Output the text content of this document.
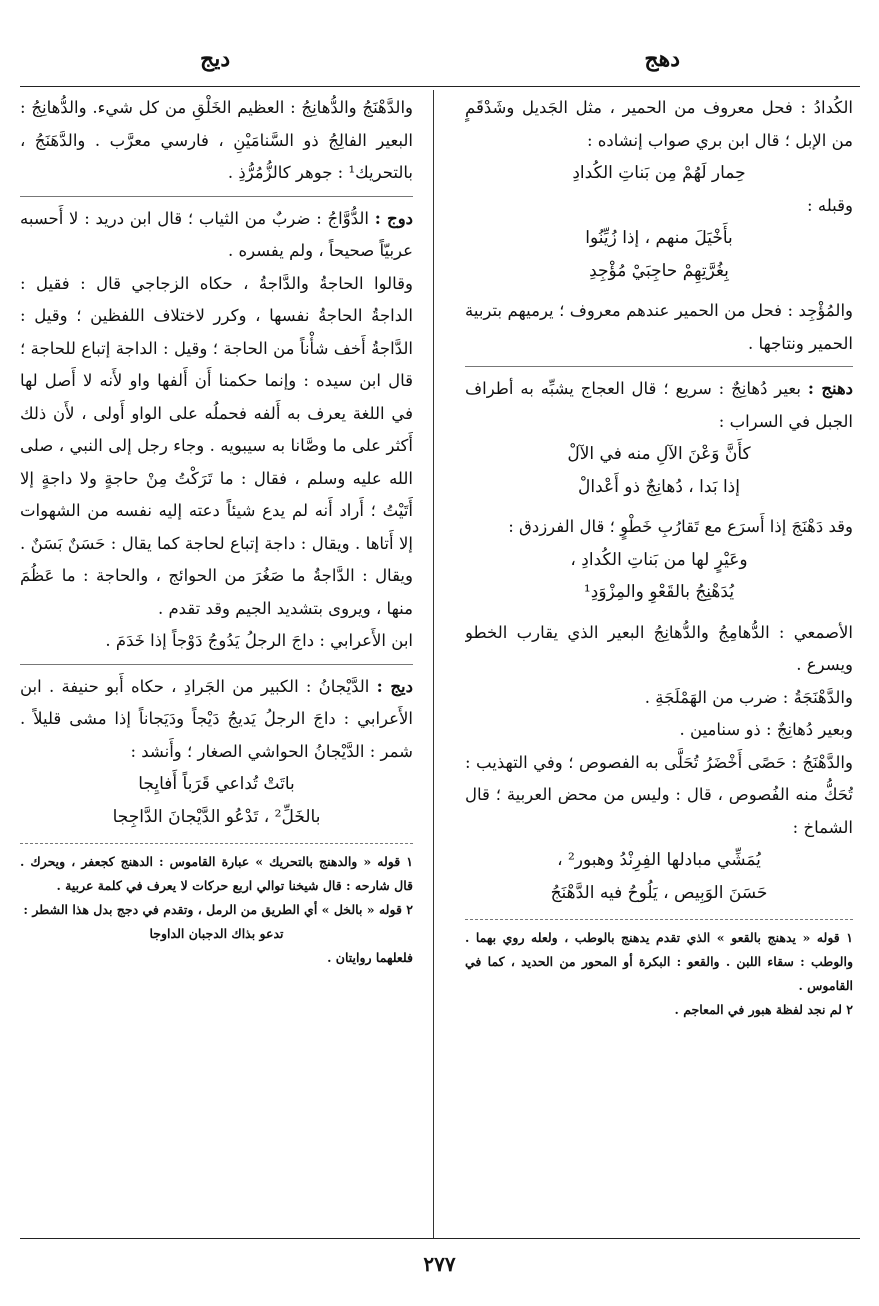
دهج
ديج

الكُدادُ : فحل معروف من الحمير ، مثل الجَديل وشَدْقَمٍ من الإبل ؛ قال ابن بري صواب إنشاده :

حِمار لَهُمْ مِن بَناتِ الكُدادِ

وقبله :

بأَخْيَلَ منهم ، إذا زُيِّنُوا

بِغُرَّتِهِمْ حاجِبَيْ مُؤْجِدِ

والمُؤْجِد : فحل من الحمير عندهم معروف ؛ يرميهم بتربية الحمير ونتاجها .

دهنج : بعير دُهانِجٌ : سريع ؛ قال العجاج يشبِّه به أطراف الجبل في السراب :

كأَنَّ وَعْنَ الآلِ منه في الآلْ

إذا بَدا ، دُهانِجٌ ذو أَعْدالْ

وقد دَهْنَجَ إذا أَسرَع مع تَقارُبِ خَطْوٍ ؛ قال الفرزدق :

وعَيْرٍ لها من بَناتِ الكُدادِ ،

يُدَهْنِجُ بالقَعْوِ والمِزْوَدِ¹

الأصمعي : الدُّهامِجُ والدُّهانِجُ البعير الذي يقارب الخطو ويسرع .

والدَّهْنَجَةُ : ضرب من الهَمْلَجَةِ .

وبعير دُهانِجٌ : ذو سنامين .

والدَّهْنَجُ : حَصًى أَخْضَرُ تُحَلَّى به الفصوص ؛ وفي التهذيب : تُحَكُّ منه الفُصوص ، قال : وليس من محض العربية ؛ قال الشماخ :

يُمَشِّي مبادلها الفِرِنْدُ وهبور² ،

حَسَنَ الوَبِيص ، يَلُوحُ فيه الدَّهْنَجُ

١ قوله « يدهنج بالقعو » الذي تقدم يدهنج بالوطب ، ولعله روي بهما . والوطب : سقاء اللبن . والقعو : البكرة أو المحور من الحديد ، كما في القاموس .

٢ لم نجد لفظة هبور في المعاجم .

والدَّهْنَجُ والدُّهانِجُ : العظيم الخَلْقِ من كل شيء. والدُّهانِجُ : البعير الفالِجُ ذو السَّنامَيْنِ ، فارسي معرَّب . والدَّهَنَجُ ، بالتحريك¹ : جوهر كالزُّمُرُّذِ .

دوج : الدُّوَّاجُ : ضربٌ من الثياب ؛ قال ابن دريد : لا أَحسبه عربيّاً صحيحاً ، ولم يفسره .

وقالوا الحاجةُ والدَّاجةُ ، حكاه الزجاجي قال : فقيل : الداجةُ الحاجةُ نفسها ، وكرر لاختلاف اللفظين ؛ وقيل : الدَّاجةُ أَخف شأْناً من الحاجة ؛ وقيل : الداجة إتباع للحاجة ؛ قال ابن سيده : وإنما حكمنا أَن أَلفها واو لأَنه لا أَصل لها في اللغة يعرف به أَلفه فحملُه على الواو أَولى ، لأَن ذلك أَكثر على ما وصَّانا به سيبويه . وجاء رجل إلى النبي ، صلى الله عليه وسلم ، فقال : ما تَرَكْتُ مِنْ حاجةٍ ولا داجةٍ إلا أَتَيْتُ ؛ أَراد أَنه لم يدع شيئاً دعته إليه نفسه من الشهوات إلا أَتاها . ويقال : داجة إتباع لحاجة كما يقال : حَسَنٌ بَسَنٌ . ويقال : الدَّاجةُ ما صَغُرَ من الحوائج ، والحاجة : ما عَظُمَ منها ، ويروى بتشديد الجيم وقد تقدم .

ابن الأَعرابي : داجَ الرجلُ يَدُوجُ دَوْجاً إذا خَدَمَ .

ديج : الدَّيْجانُ : الكبير من الجَرادِ ، حكاه أَبو حنيفة . ابن الأَعرابي : داجَ الرجلُ يَديجُ دَيْجاً ودَيَجاناً إذا مشى قليلاً . شمر : الدَّيْجانُ الحواشي الصغار ؛ وأَنشد :

باتَتْ تُداعي قَرَباً أَفايِجا

بالخَلِّ² ، تَدْعُو الدَّيْجانَ الدَّاجِجا

١ قوله « والدهنج بالتحريك » عبارة القاموس : الدهنج كجعفر ، ويحرك . قال شارحه : قال شيخنا توالي اربع حركات لا يعرف في كلمة عربية .

٢ قوله « بالخل » أي الطريق من الرمل ، وتقدم في دجج بدل هذا الشطر :

تدعو بذاك الدجبان الداوجا

فلعلهما روايتان .

٢٧٧
